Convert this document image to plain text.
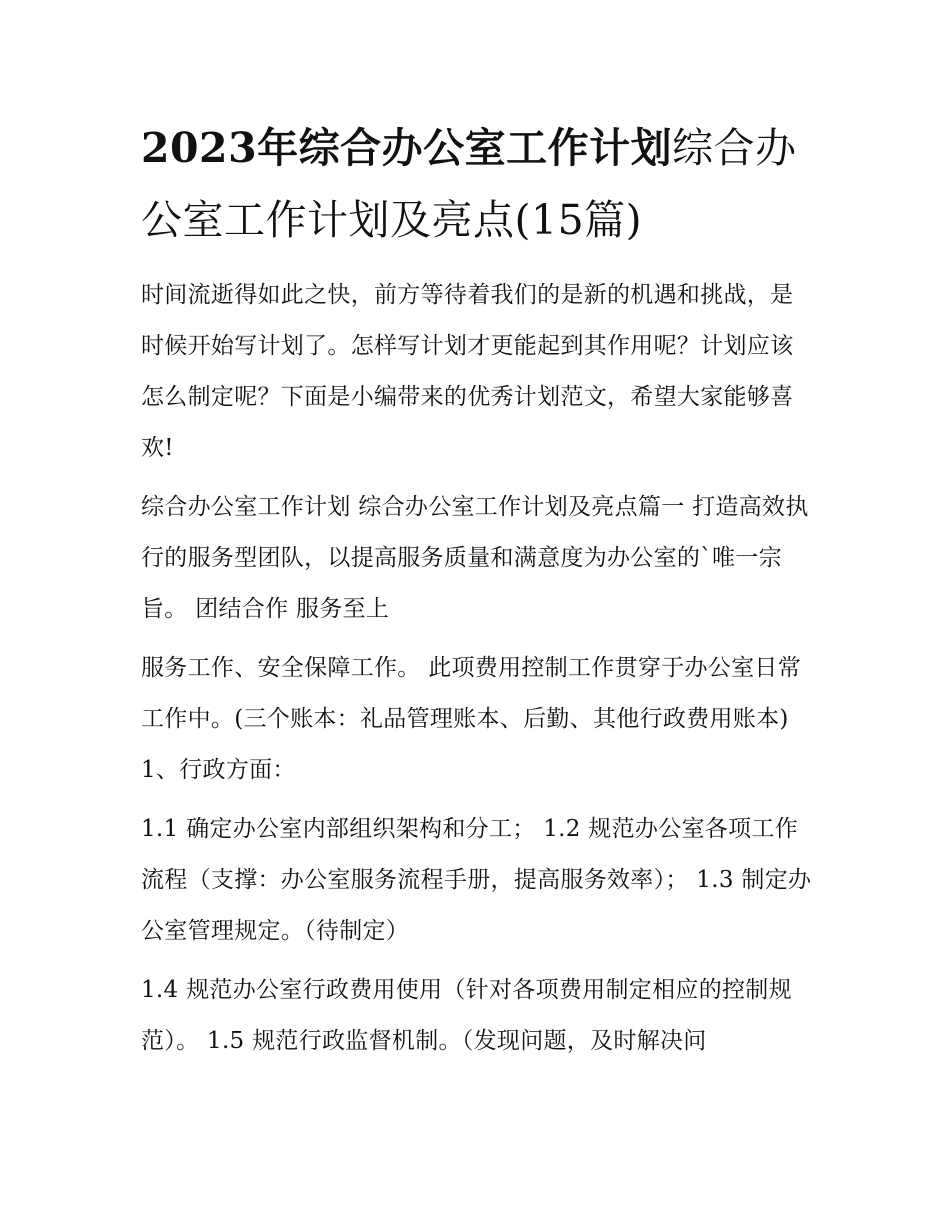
2023年综合办公室工作计划综合办公室工作计划及亮点(15篇)

时间流逝得如此之快，前方等待着我们的是新的机遇和挑战，是时候开始写计划了。怎样写计划才更能起到其作用呢？计划应该怎么制定呢？下面是小编带来的优秀计划范文，希望大家能够喜欢!

综合办公室工作计划 综合办公室工作计划及亮点篇一 打造高效执行的服务型团队，以提高服务质量和满意度为办公室的`唯一宗旨。 团结合作 服务至上

服务工作、安全保障工作。 此项费用控制工作贯穿于办公室日常工作中。(三个账本：礼品管理账本、后勤、其他行政费用账本) 1、行政方面：

1.1 确定办公室内部组织架构和分工； 1.2 规范办公室各项工作流程（支撑：办公室服务流程手册，提高服务效率）； 1.3 制定办公室管理规定。（待制定）

1.4 规范办公室行政费用使用（针对各项费用制定相应的控制规范）。 1.5 规范行政监督机制。（发现问题，及时解决问
